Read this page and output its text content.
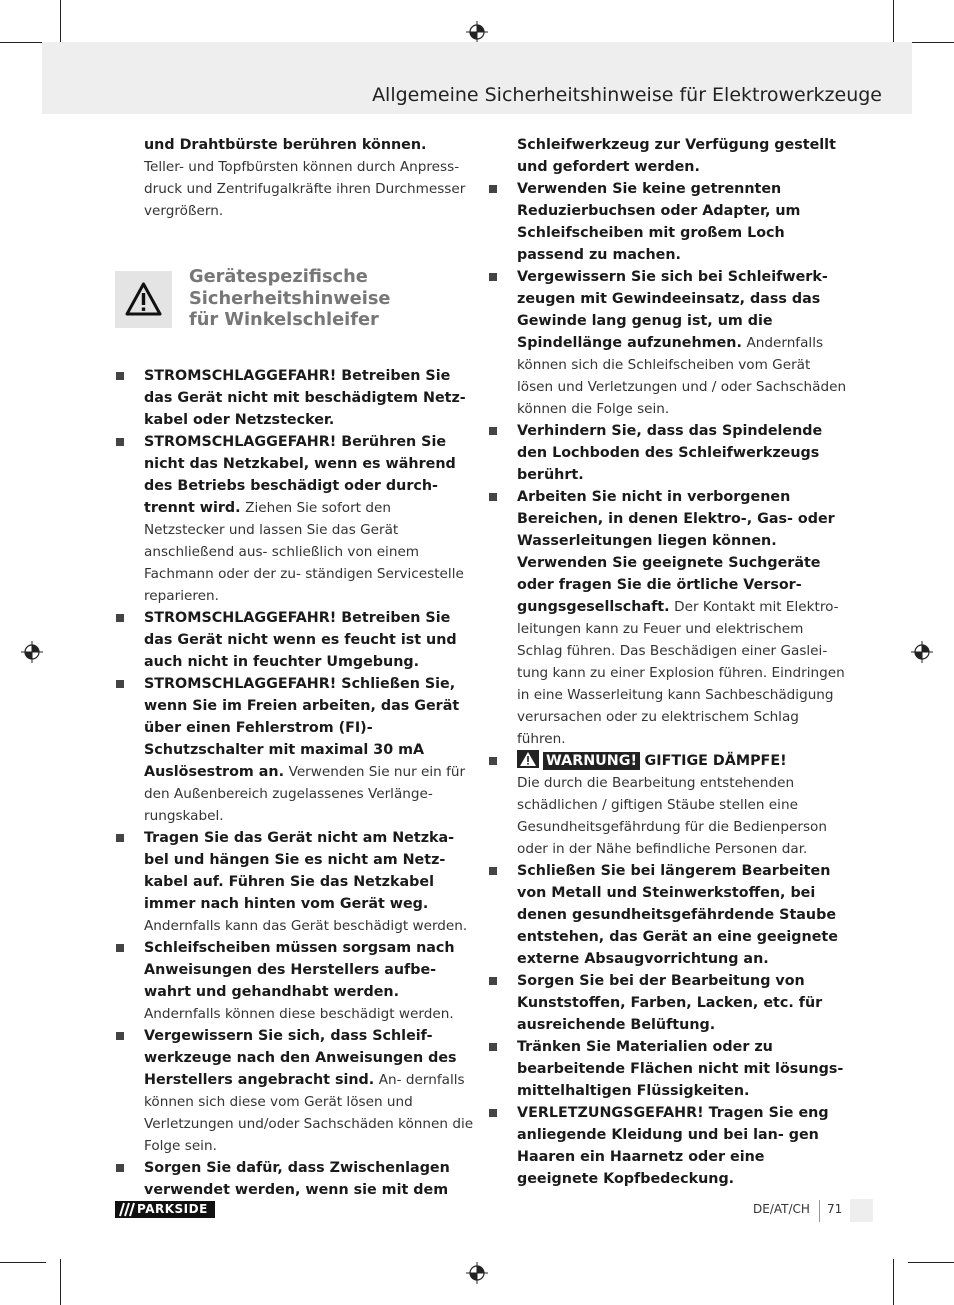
Allgemeine Sicherheitshinweise für Elektrowerkzeuge
Gerätespezifische
Sicherheitshinweise
für Winkelschleifer

und Drahtbürste berühren können.

Teller- und Topfbürsten können durch Anpress- druck und Zentrifugalkräfte ihren Durchmesser vergrößern.

STROMSCHLAGGEFAHR! Betreiben Sie das Gerät nicht mit beschädigtem Netz- kabel oder Netzstecker.
STROMSCHLAGGEFAHR! Berühren Sie nicht das Netzkabel, wenn es während des Betriebs beschädigt oder durch- trennt wird. Ziehen Sie sofort den Netzstecker und lassen Sie das Gerät anschließend aus- schließlich von einem Fachmann oder der zu- ständigen Servicestelle reparieren.
STROMSCHLAGGEFAHR! Betreiben Sie das Gerät nicht wenn es feucht ist und auch nicht in feuchter Umgebung.
STROMSCHLAGGEFAHR! Schließen Sie, wenn Sie im Freien arbeiten, das Gerät über einen Fehlerstrom (FI)- Schutzschalter mit maximal 30 mA Auslösestrom an. Verwenden Sie nur ein für den Außenbereich zugelassenes Verlänge- rungskabel.
Tragen Sie das Gerät nicht am Netzka- bel und hängen Sie es nicht am Netz- kabel auf. Führen Sie das Netzkabel immer nach hinten vom Gerät weg. Andernfalls kann das Gerät beschädigt werden.
Schleifscheiben müssen sorgsam nach Anweisungen des Herstellers aufbe- wahrt und gehandhabt werden. Andernfalls können diese beschädigt werden.
Vergewissern Sie sich, dass Schleif- werkzeuge nach den Anweisungen des Herstellers angebracht sind. An- dernfalls können sich diese vom Gerät lösen und Verletzungen und/oder Sachschäden können die Folge sein.
Sorgen Sie dafür, dass Zwischenlagen verwendet werden, wenn sie mit dem

Schleifwerkzeug zur Verfügung gestellt und gefordert werden.

Verwenden Sie keine getrennten Reduzierbuchsen oder Adapter, um Schleifscheiben mit großem Loch passend zu machen.
Vergewissern Sie sich bei Schleifwerk- zeugen mit Gewindeeinsatz, dass das Gewinde lang genug ist, um die Spindellänge aufzunehmen. Andernfalls können sich die Schleifscheiben vom Gerät lösen und Verletzungen und / oder Sachschäden können die Folge sein.
Verhindern Sie, dass das Spindelende den Lochboden des Schleifwerkzeugs berührt.
Arbeiten Sie nicht in verborgenen Bereichen, in denen Elektro-, Gas- oder Wasserleitungen liegen können. Verwenden Sie geeignete Suchgeräte oder fragen Sie die örtliche Versor- gungsgesellschaft. Der Kontakt mit Elektro- leitungen kann zu Feuer und elektrischem Schlag führen. Das Beschädigen einer Gaslei- tung kann zu einer Explosion führen. Eindringen in eine Wasserleitung kann Sachbeschädigung verursachen oder zu elektrischem Schlag führen.
WARNUNG! GIFTIGE DÄMPFE!
Die durch die Bearbeitung entstehenden schädlichen / giftigen Stäube stellen eine Gesundheitsgefährdung für die Bedienperson oder in der Nähe befindliche Personen dar.
Schließen Sie bei längerem Bearbeiten von Metall und Steinwerkstoffen, bei denen gesundheitsgefährdende Staube entstehen, das Gerät an eine geeignete externe Absaugvorrichtung an.
Sorgen Sie bei der Bearbeitung von Kunststoffen, Farben, Lacken, etc. für ausreichende Belüftung.
Tränken Sie Materialien oder zu bearbeitende Flächen nicht mit lösungs- mittelhaltigen Flüssigkeiten.
VERLETZUNGSGEFAHR! Tragen Sie eng anliegende Kleidung und bei lan- gen Haaren ein Haarnetz oder eine geeignete Kopfbedeckung.
PARKSIDE	DE/AT/CH 71
